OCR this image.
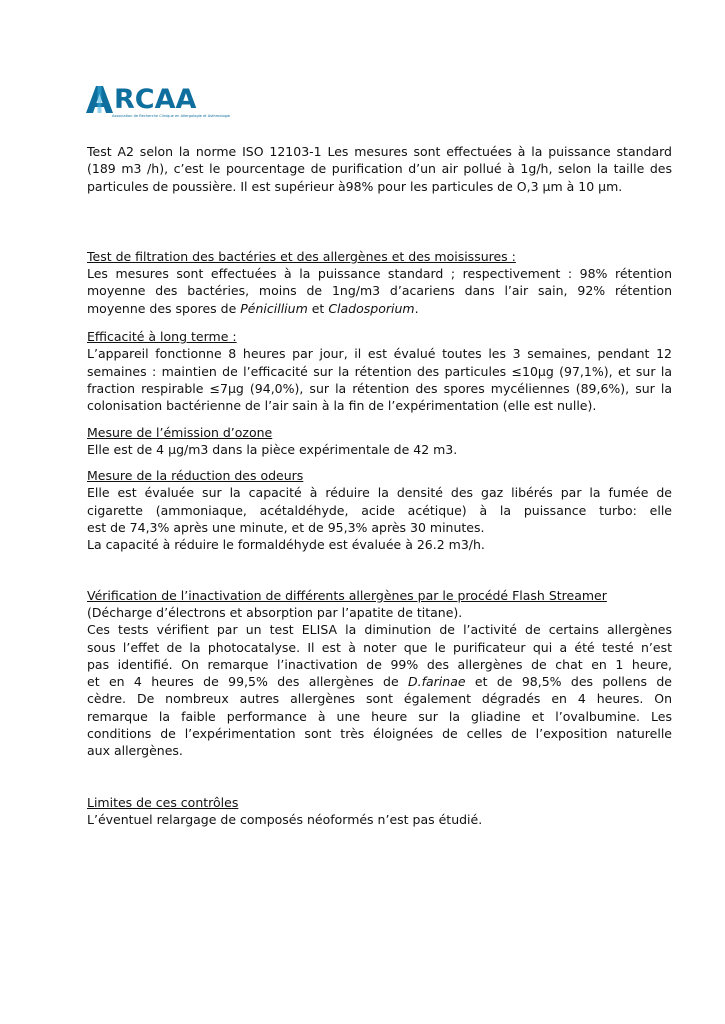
RCAA
Association de Recherche Clinique en Allergologie et Asthmologie

Test A2 selon la norme ISO 12103-1 Les mesures sont effectuées à la puissance standard

(189 m3 /h), c’est le pourcentage de purification d’un air pollué à 1g/h, selon la taille des

particules de poussière. Il est supérieur à98% pour les particules de O,3 µm à 10 µm.

Test de filtration des bactéries et des allergènes et des moisissures :

Les mesures sont effectuées à la puissance standard ; respectivement : 98% rétention

moyenne des bactéries, moins de 1ng/m3 d’acariens dans l’air sain, 92% rétention

moyenne des spores de Pénicillium et Cladosporium.

Efficacité à long terme :

L’appareil fonctionne 8 heures par jour, il est évalué toutes les 3 semaines, pendant 12

semaines : maintien de l’efficacité sur la rétention des particules ≤10µg (97,1%), et sur la

fraction respirable ≤7µg (94,0%), sur la rétention des spores mycéliennes (89,6%), sur la

colonisation bactérienne de l’air sain à la fin de l’expérimentation (elle est nulle).

Mesure de l’émission d’ozone

Elle est de 4 µg/m3 dans la pièce expérimentale de 42 m3.

Mesure de la réduction des odeurs

Elle est évaluée sur la capacité à réduire la densité des gaz libérés par la fumée de

cigarette (ammoniaque, acétaldéhyde, acide acétique) à la puissance turbo: elle

est de 74,3% après une minute, et de 95,3% après 30 minutes.

La capacité à réduire le formaldéhyde est évaluée à 26.2 m3/h.

Vérification de l’inactivation de différents allergènes par le procédé Flash Streamer

(Décharge d’électrons et absorption par l’apatite de titane).

Ces tests vérifient par un test ELISA la diminution de l’activité de certains allergènes

sous l’effet de la photocatalyse. Il est à noter que le purificateur qui a été testé n’est

pas identifié. On remarque l’inactivation de 99% des allergènes de chat en 1 heure,

et en 4 heures de 99,5% des allergènes de D.farinae et de 98,5% des pollens de

cèdre. De nombreux autres allergènes sont également dégradés en 4 heures. On

remarque la faible performance à une heure sur la gliadine et l’ovalbumine. Les

conditions de l’expérimentation sont très éloignées de celles de l’exposition naturelle

aux allergènes.

Limites de ces contrôles

L’éventuel relargage de composés néoformés n’est pas étudié.
